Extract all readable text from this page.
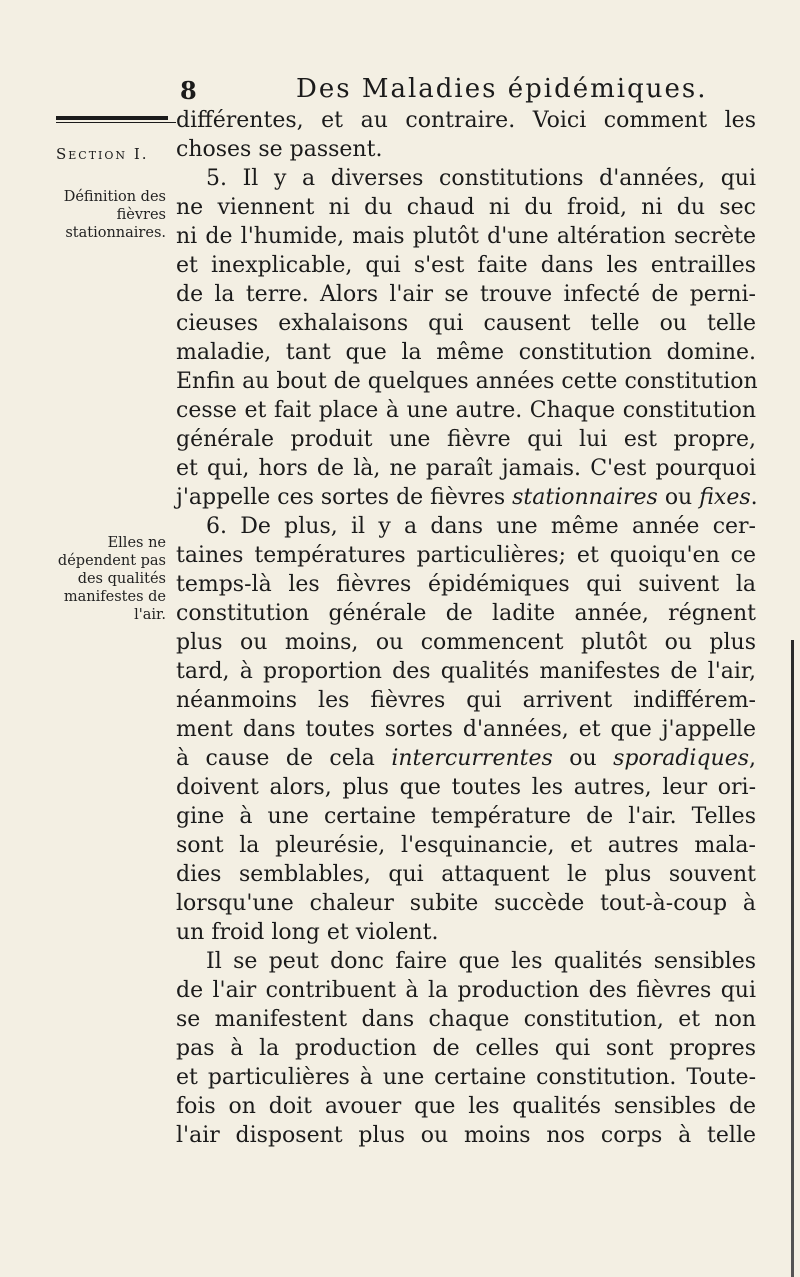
8	Des Maladies épidémiques.
Section I.
Définition des fièvres stationnaires.
Elles ne dépendent pas des qualités manifestes de l'air.
différentes, et au contraire. Voici comment les
choses se passent.
5. Il y a diverses constitutions d'années, qui
ne viennent ni du chaud ni du froid, ni du sec
ni de l'humide, mais plutôt d'une altération secrète
et inexplicable, qui s'est faite dans les entrailles
de la terre. Alors l'air se trouve infecté de perni-
cieuses exhalaisons qui causent telle ou telle
maladie, tant que la même constitution domine.
Enfin au bout de quelques années cette constitution
cesse et fait place à une autre. Chaque constitution
générale produit une fièvre qui lui est propre,
et qui, hors de là, ne paraît jamais. C'est pourquoi
j'appelle ces sortes de fièvres stationnaires ou fixes.
6. De plus, il y a dans une même année cer-
taines températures particulières; et quoiqu'en ce
temps-là les fièvres épidémiques qui suivent la
constitution générale de ladite année, régnent
plus ou moins, ou commencent plutôt ou plus
tard, à proportion des qualités manifestes de l'air,
néanmoins les fièvres qui arrivent indifférem-
ment dans toutes sortes d'années, et que j'appelle
à cause de cela intercurrentes ou sporadiques,
doivent alors, plus que toutes les autres, leur ori-
gine à une certaine température de l'air. Telles
sont la pleurésie, l'esquinancie, et autres mala-
dies semblables, qui attaquent le plus souvent
lorsqu'une chaleur subite succède tout-à-coup à
un froid long et violent.
Il se peut donc faire que les qualités sensibles
de l'air contribuent à la production des fièvres qui
se manifestent dans chaque constitution, et non
pas à la production de celles qui sont propres
et particulières à une certaine constitution. Toute-
fois on doit avouer que les qualités sensibles de
l'air disposent plus ou moins nos corps à telle
